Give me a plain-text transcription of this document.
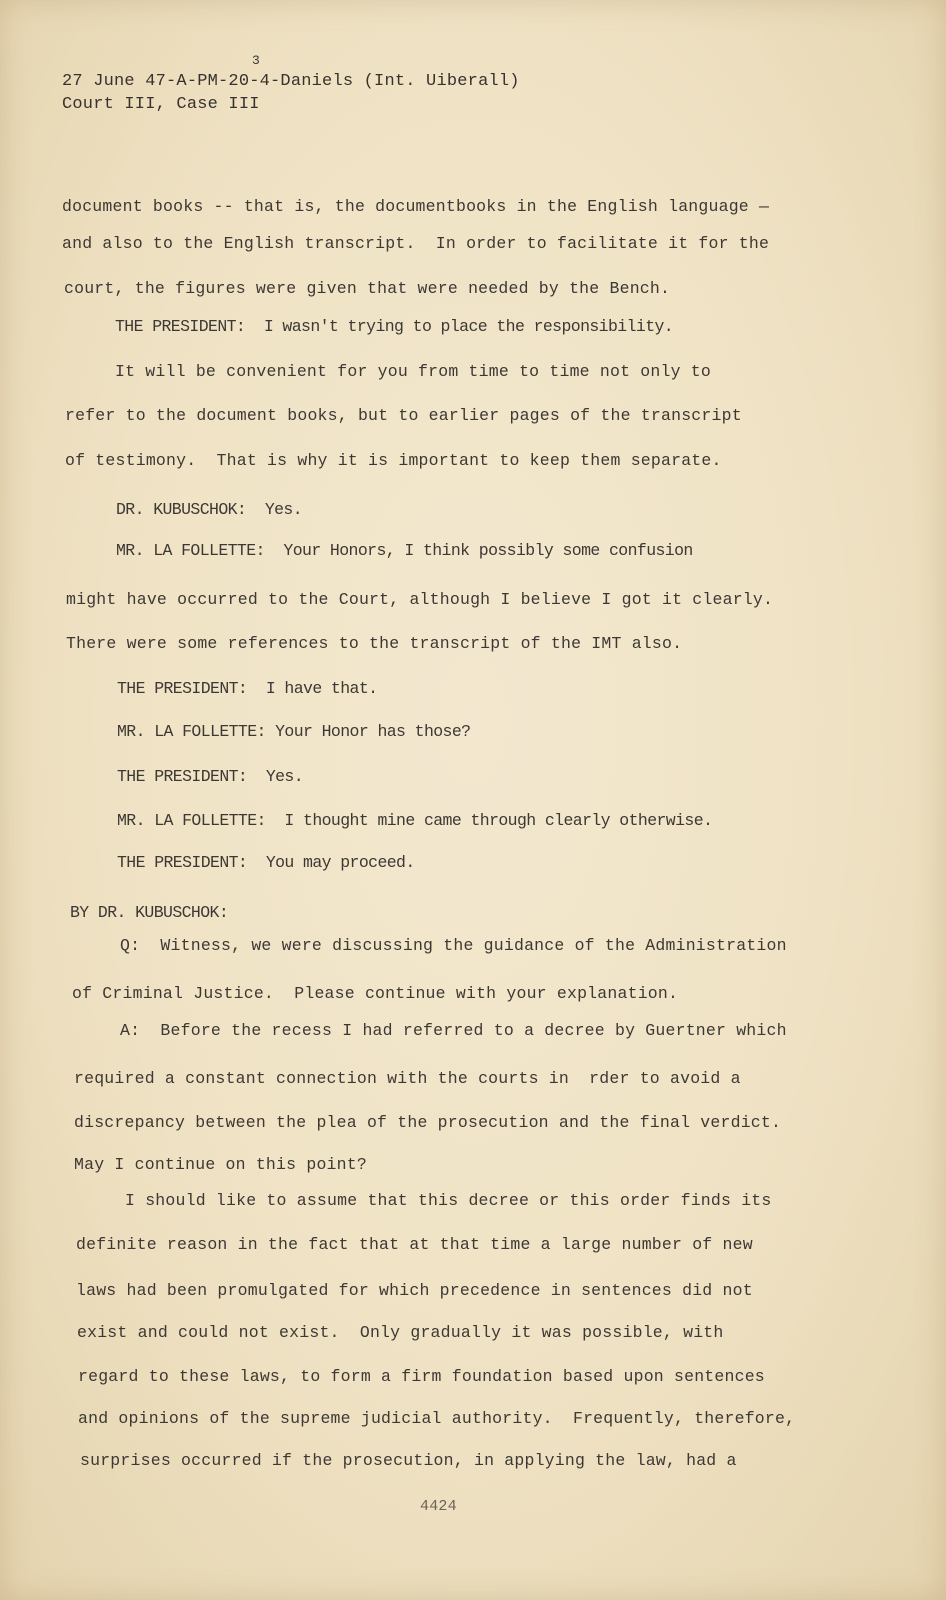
3
27 June 47-A-PM-20-4-Daniels (Int. Uiberall)
Court III, Case III
document books -- that is, the documentbooks in the English language —
and also to the English transcript.  In order to facilitate it for the
court, the figures were given that were needed by the Bench.
THE PRESIDENT:  I wasn't trying to place the responsibility.
It will be convenient for you from time to time not only to
refer to the document books, but to earlier pages of the transcript
of testimony.  That is why it is important to keep them separate.
DR. KUBUSCHOK:  Yes.
MR. LA FOLLETTE:  Your Honors, I think possibly some confusion
might have occurred to the Court, although I believe I got it clearly.
There were some references to the transcript of the IMT also.
THE PRESIDENT:  I have that.
MR. LA FOLLETTE: Your Honor has those?
THE PRESIDENT:  Yes.
MR. LA FOLLETTE:  I thought mine came through clearly otherwise.
THE PRESIDENT:  You may proceed.
BY DR. KUBUSCHOK:
Q:  Witness, we were discussing the guidance of the Administration
of Criminal Justice.  Please continue with your explanation.
A:  Before the recess I had referred to a decree by Guertner which
required a constant connection with the courts in  rder to avoid a
discrepancy between the plea of the prosecution and the final verdict.
May I continue on this point?
I should like to assume that this decree or this order finds its
definite reason in the fact that at that time a large number of new
laws had been promulgated for which precedence in sentences did not
exist and could not exist.  Only gradually it was possible, with
regard to these laws, to form a firm foundation based upon sentences
and opinions of the supreme judicial authority.  Frequently, therefore,
surprises occurred if the prosecution, in applying the law, had a
4424
